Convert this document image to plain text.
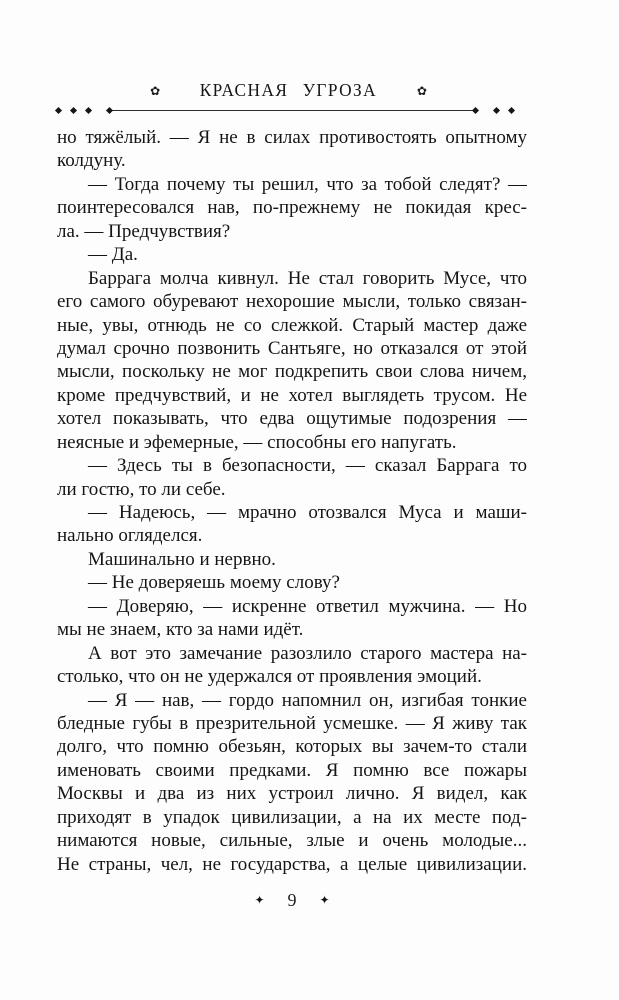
✿ КРАСНАЯ УГРОЗА	✿
но тяжёлый. — Я не в силах противостоять опытному
колдуну.
— Тогда почему ты решил, что за тобой следят? —
поинтересовался нав, по-прежнему не покидая крес-
ла. — Предчувствия?
— Да.
Баррага молча кивнул. Не стал говорить Мусе, что
его самого обуревают нехорошие мысли, только связан-
ные, увы, отнюдь не со слежкой. Старый мастер даже
думал срочно позвонить Сантьяге, но отказался от этой
мысли, поскольку не мог подкрепить свои слова ничем,
кроме предчувствий, и не хотел выглядеть трусом. Не
хотел показывать, что едва ощутимые подозрения —
неясные и эфемерные, — способны его напугать.
— Здесь ты в безопасности, — сказал Баррага то
ли гостю, то ли себе.
— Надеюсь, — мрачно отозвался Муса и маши-
нально огляделся.
Машинально и нервно.
— Не доверяешь моему слову?
— Доверяю, — искренне ответил мужчина. — Но
мы не знаем, кто за нами идёт.
А вот это замечание разозлило старого мастера на-
столько, что он не удержался от проявления эмоций.
— Я — нав, — гордо напомнил он, изгибая тонкие
бледные губы в презрительной усмешке. — Я живу так
долго, что помню обезьян, которых вы зачем-то стали
именовать своими предками. Я помню все пожары
Москвы и два из них устроил лично. Я видел, как
приходят в упадок цивилизации, а на их месте под-
нимаются новые, сильные, злые и очень молодые...
Не страны, чел, не государства, а целые цивилизации.
✦ 9 ✦
